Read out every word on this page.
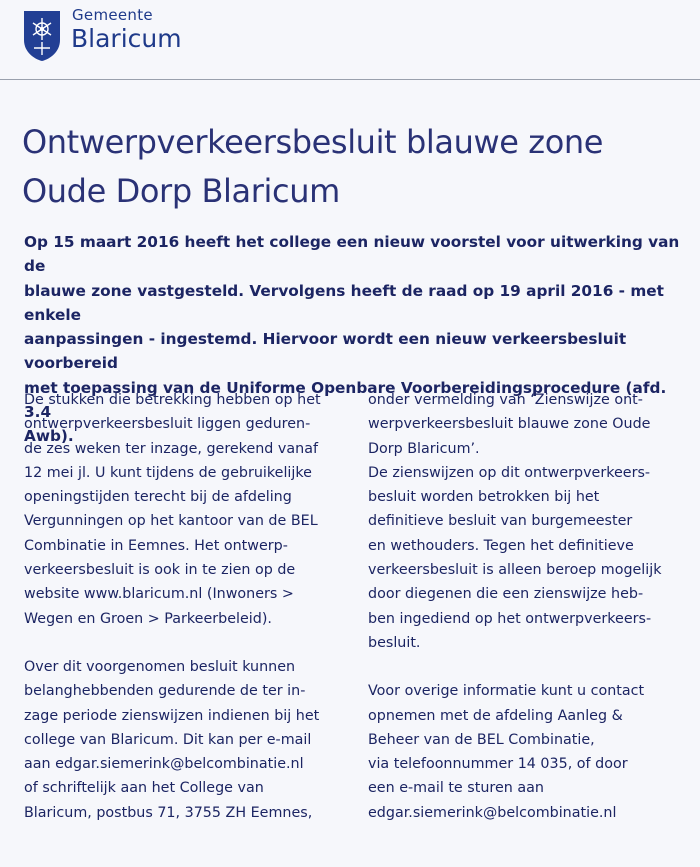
Gemeente
Blaricum
Ontwerpverkeersbesluit blauwe zone
Oude Dorp Blaricum

Op 15 maart 2016 heeft het college een nieuw voorstel voor uitwerking van de
blauwe zone vastgesteld. Vervolgens heeft de raad op 19 april 2016 - met enkele
aanpassingen - ingestemd. Hiervoor wordt een nieuw verkeersbesluit voorbereid
met toepassing van de Uniforme Openbare Voorbereidingsprocedure (afd. 3.4
Awb).

De stukken die betrekking hebben op het
ontwerpverkeersbesluit liggen geduren-
de zes weken ter inzage, gerekend vanaf
12 mei jl. U kunt tijdens de gebruikelijke
openingstijden terecht bij de afdeling
Vergunningen op het kantoor van de BEL
Combinatie in Eemnes. Het ontwerp-
verkeersbesluit is ook in te zien op de
website www.blaricum.nl (Inwoners >
Wegen en Groen > Parkeerbeleid).

Over dit voorgenomen besluit kunnen
belanghebbenden gedurende de ter in-
zage periode zienswijzen indienen bij het
college van Blaricum. Dit kan per e-mail
aan edgar.siemerink@belcombinatie.nl
of schriftelijk aan het College van
Blaricum, postbus 71, 3755 ZH Eemnes,

onder vermelding van ‘Zienswijze ont-
werpverkeersbesluit blauwe zone Oude
Dorp Blaricum’.

De zienswijzen op dit ontwerpverkeers-
besluit worden betrokken bij het
definitieve besluit van burgemeester
en wethouders. Tegen het definitieve
verkeersbesluit is alleen beroep mogelijk
door diegenen die een zienswijze heb-
ben ingediend op het ontwerpverkeers-
besluit.

Voor overige informatie kunt u contact
opnemen met de afdeling Aanleg &
Beheer van de BEL Combinatie,
via telefoonnummer 14 035, of door
een e-mail te sturen aan
edgar.siemerink@belcombinatie.nl
